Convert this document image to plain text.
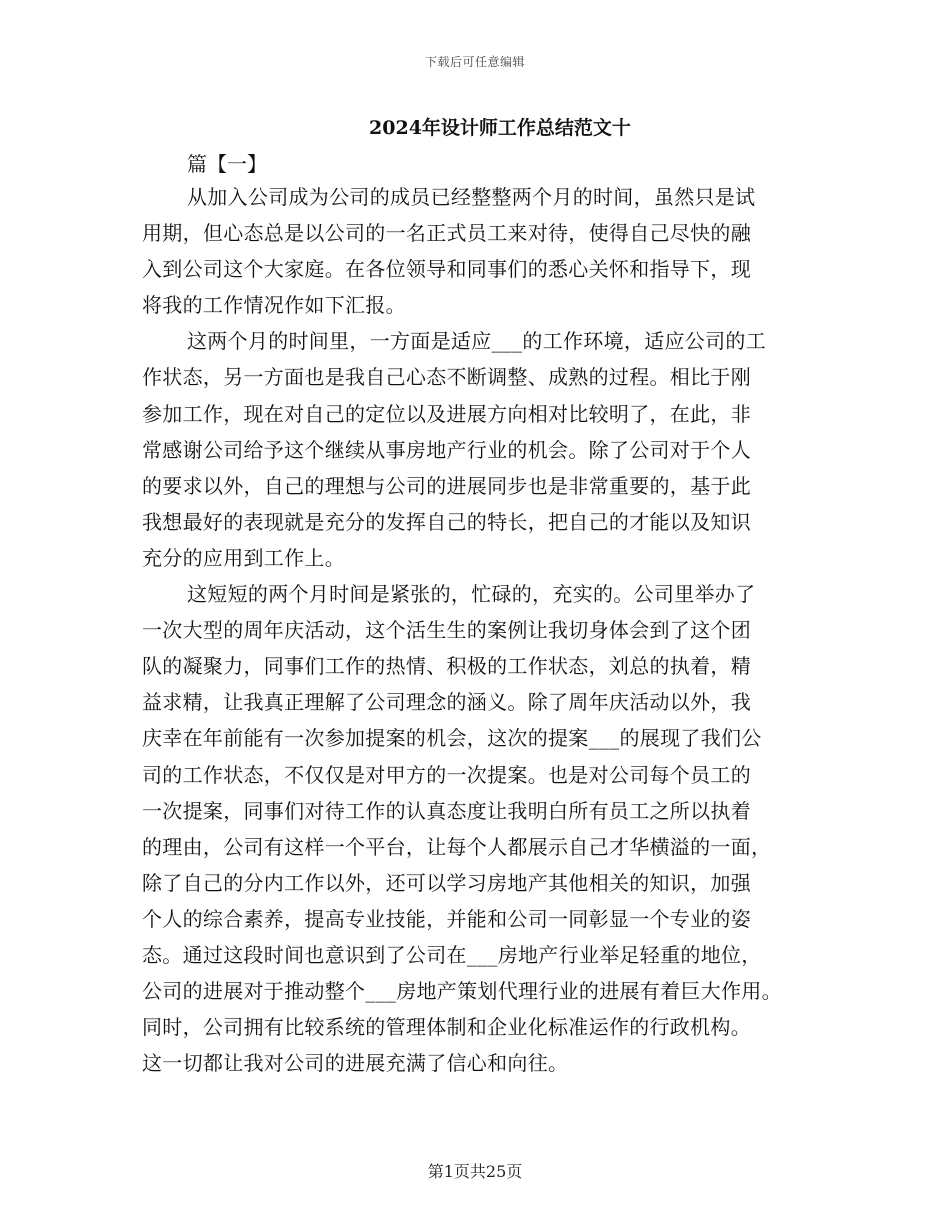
下载后可任意编辑
2024年设计师工作总结范文十
篇【一】

从加入公司成为公司的成员已经整整两个月的时间，虽然只是试
用期，但心态总是以公司的一名正式员工来对待，使得自己尽快的融
入到公司这个大家庭。在各位领导和同事们的悉心关怀和指导下，现
将我的工作情况作如下汇报。

这两个月的时间里，一方面是适应___的工作环境，适应公司的工
作状态，另一方面也是我自己心态不断调整、成熟的过程。相比于刚
参加工作，现在对自己的定位以及进展方向相对比较明了，在此，非
常感谢公司给予这个继续从事房地产行业的机会。除了公司对于个人
的要求以外，自己的理想与公司的进展同步也是非常重要的，基于此
我想最好的表现就是充分的发挥自己的特长，把自己的才能以及知识
充分的应用到工作上。

这短短的两个月时间是紧张的，忙碌的，充实的。公司里举办了
一次大型的周年庆活动，这个活生生的案例让我切身体会到了这个团
队的凝聚力，同事们工作的热情、积极的工作状态，刘总的执着，精
益求精，让我真正理解了公司理念的涵义。除了周年庆活动以外，我
庆幸在年前能有一次参加提案的机会，这次的提案___的展现了我们公
司的工作状态，不仅仅是对甲方的一次提案。也是对公司每个员工的
一次提案，同事们对待工作的认真态度让我明白所有员工之所以执着
的理由，公司有这样一个平台，让每个人都展示自己才华横溢的一面，
除了自己的分内工作以外，还可以学习房地产其他相关的知识，加强
个人的综合素养，提高专业技能，并能和公司一同彰显一个专业的姿
态。通过这段时间也意识到了公司在___房地产行业举足轻重的地位，
公司的进展对于推动整个___房地产策划代理行业的进展有着巨大作用。
同时，公司拥有比较系统的管理体制和企业化标准运作的行政机构。
这一切都让我对公司的进展充满了信心和向往。

第1页共25页
